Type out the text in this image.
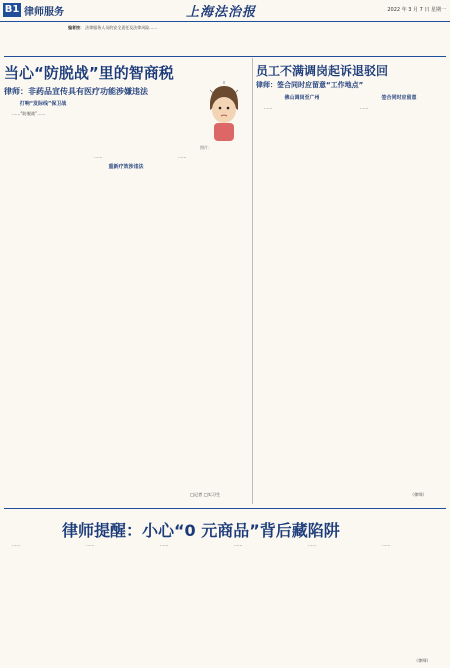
B1 律师服务	上海法治报	2022 年 3 月 7 日 星期一
编者按： 法律服务人员的安全责任及法律风险……
当心“防脱战”里的智商税
律师：非药品宣传具有医疗功能涉嫌违法
图片：

打响“发际线”保卫战

……“防脱战”……

……

重新疗效涉违法

……

□记者 □实习生
员工不满调岗起诉退驳回
律师：签合同时应留意“工作地点”

佛山调岗至广州

……

签合同时应留意

……

（律师）
律师提醒：小心“0 元商品”背后藏陷阱

……	……	……	……	……	……

（律师）
